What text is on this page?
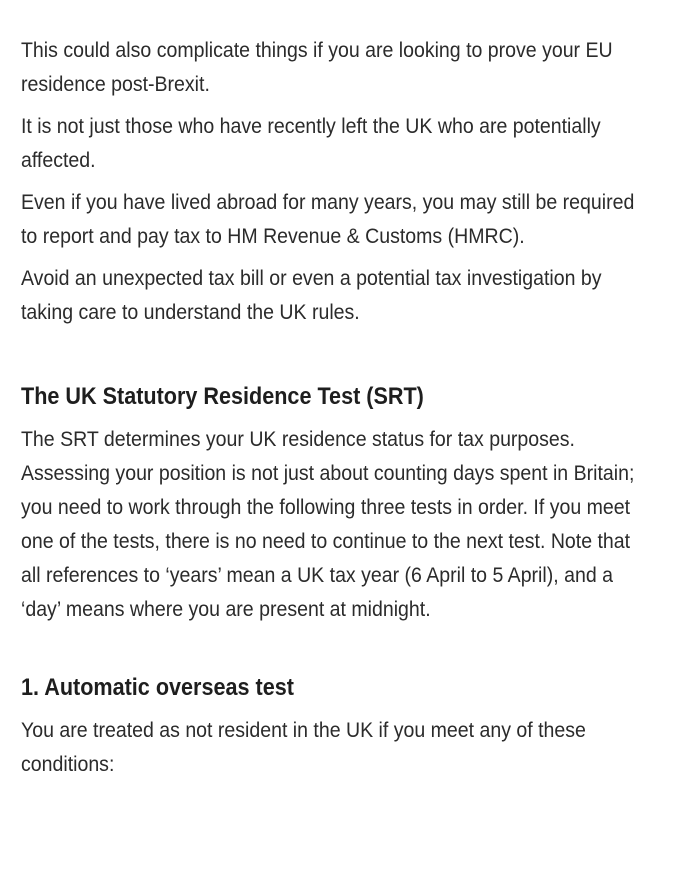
This could also complicate things if you are looking to prove your EU residence post-Brexit.

It is not just those who have recently left the UK who are potentially affected.

Even if you have lived abroad for many years, you may still be required to report and pay tax to HM Revenue & Customs (HMRC).

Avoid an unexpected tax bill or even a potential tax investigation by taking care to understand the UK rules.

The UK Statutory Residence Test (SRT)

The SRT determines your UK residence status for tax purposes. Assessing your position is not just about counting days spent in Britain; you need to work through the following three tests in order. If you meet one of the tests, there is no need to continue to the next test. Note that all references to ‘years’ mean a UK tax year (6 April to 5 April), and a ‘day’ means where you are present at midnight.

1. Automatic overseas test

You are treated as not resident in the UK if you meet any of these conditions:
